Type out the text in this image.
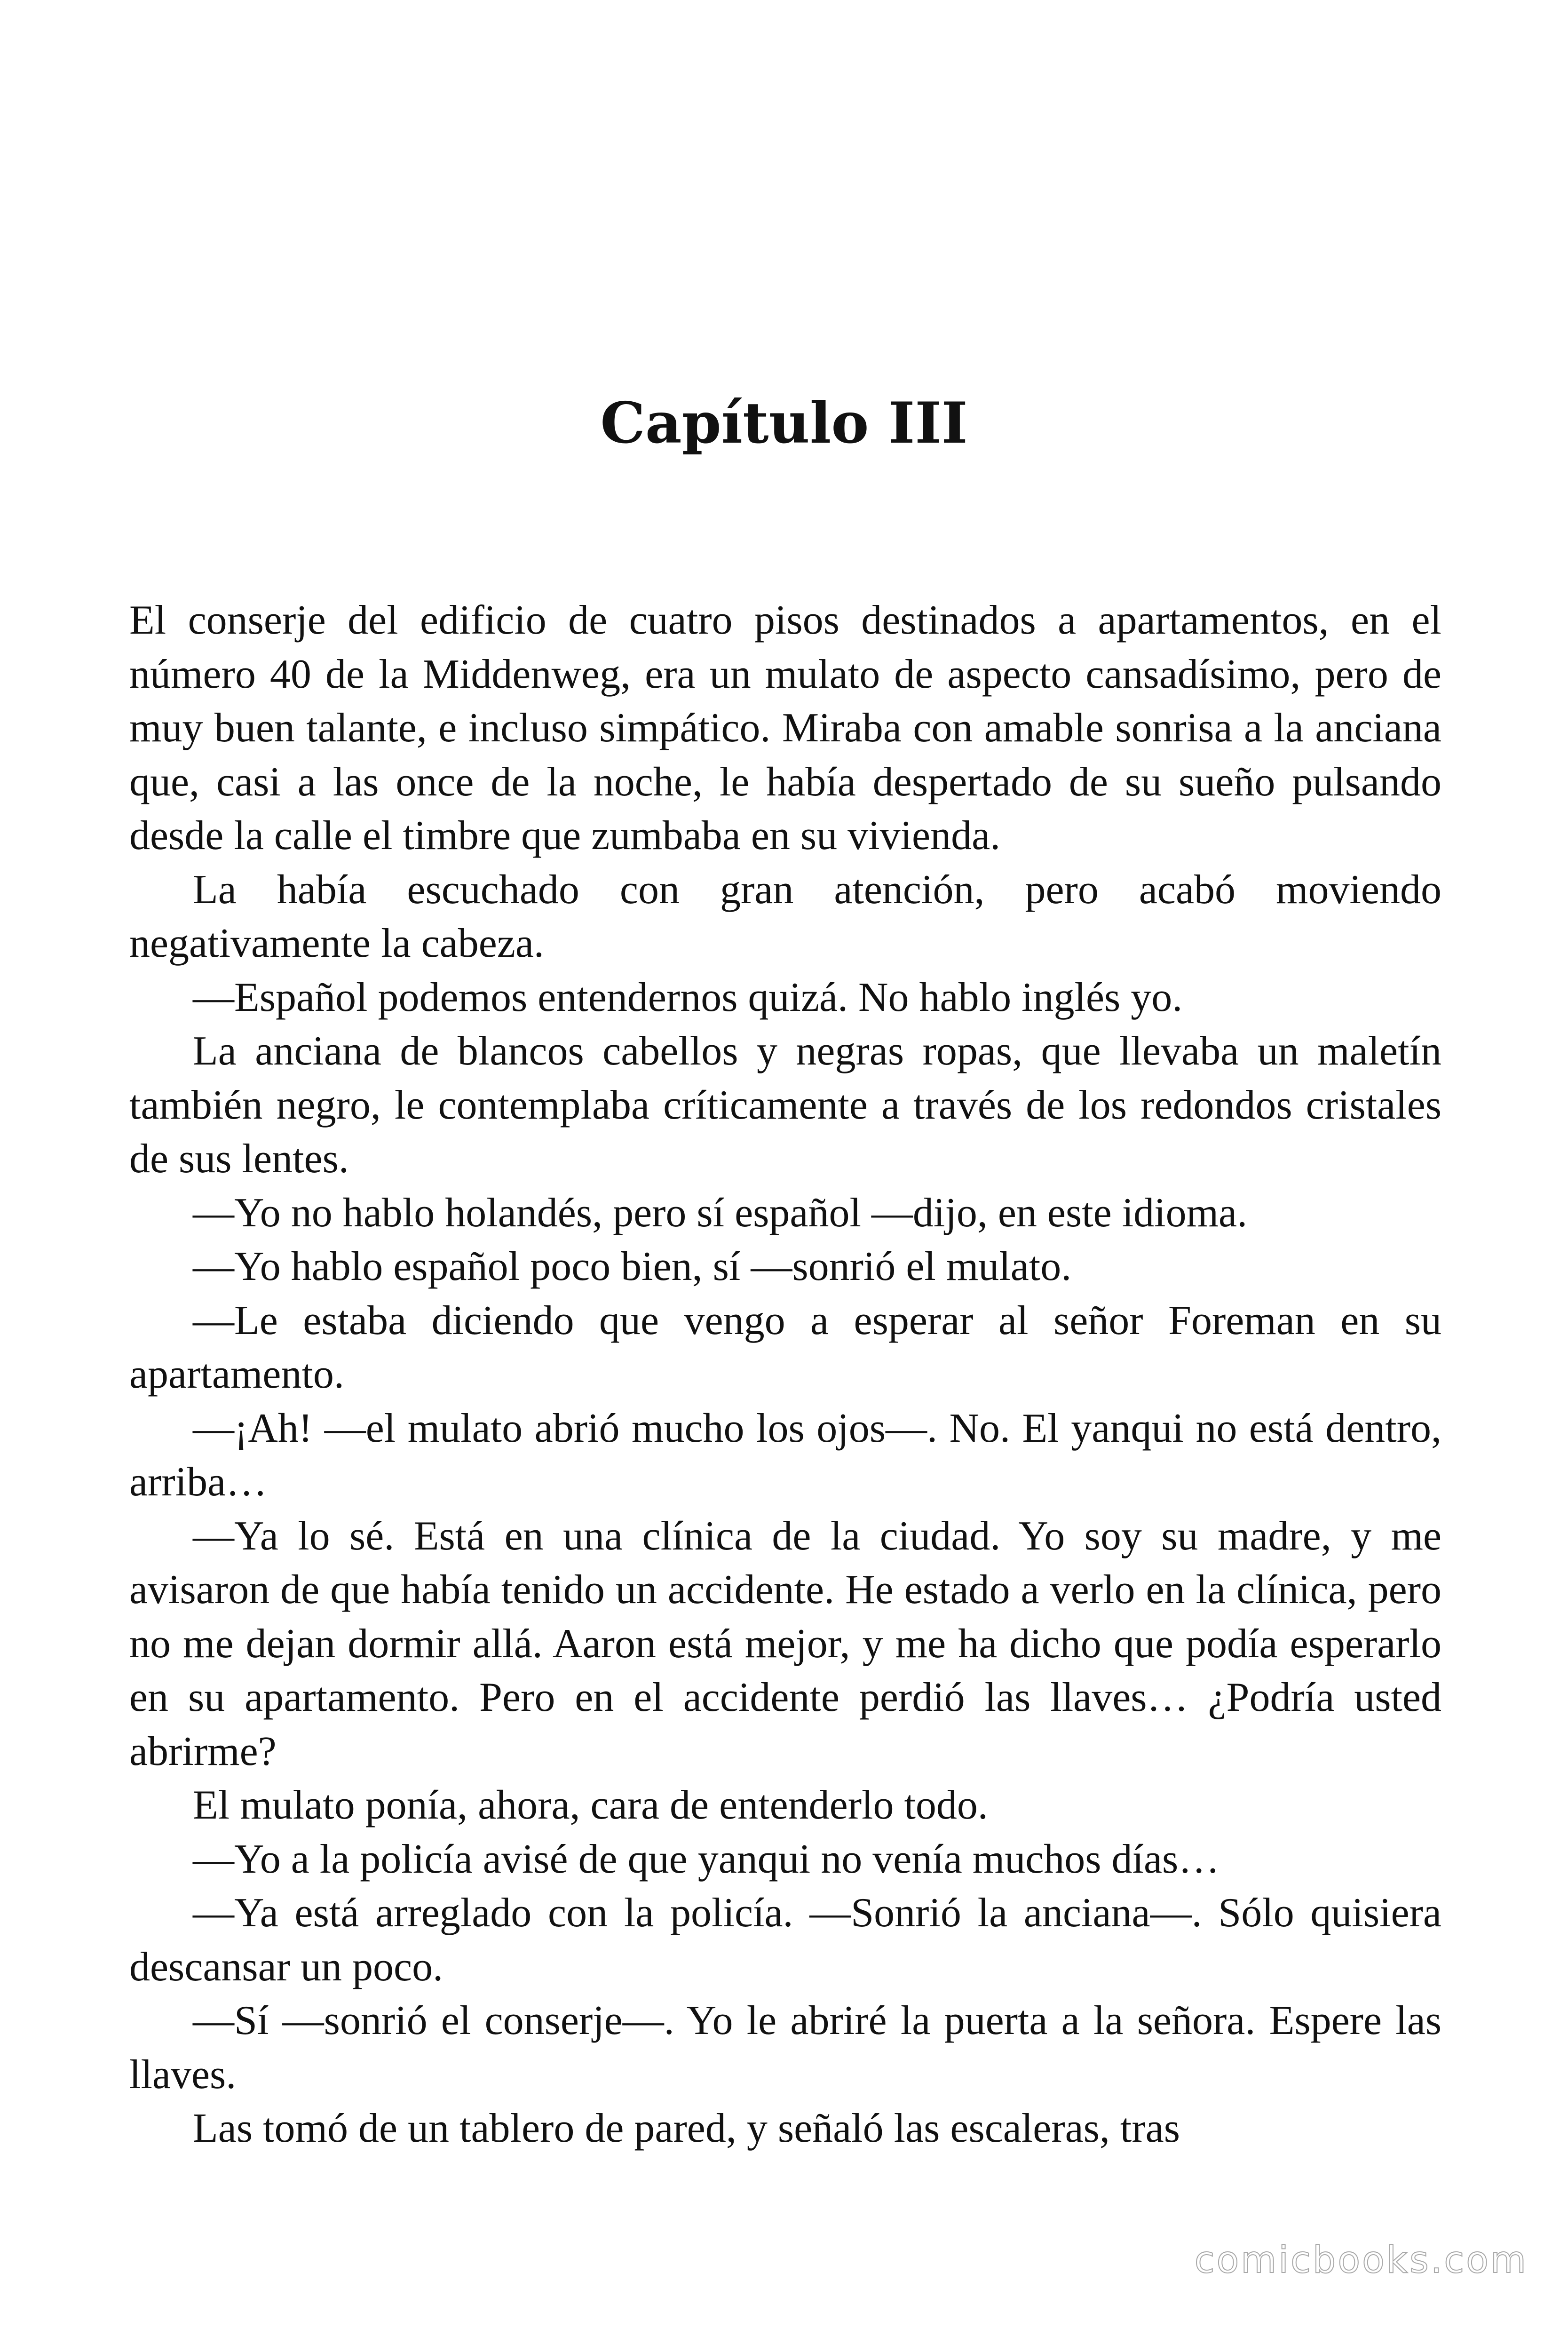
Capítulo III

El conserje del edificio de cuatro pisos destinados a apartamentos, en el número 40 de la Middenweg, era un mulato de aspecto cansadísimo, pero de muy buen talante, e incluso simpático. Miraba con amable sonrisa a la anciana que, casi a las once de la noche, le había despertado de su sueño pulsando desde la calle el timbre que zumbaba en su vivienda.

La había escuchado con gran atención, pero acabó moviendo negativamente la cabeza.

—Español podemos entendernos quizá. No hablo inglés yo.

La anciana de blancos cabellos y negras ropas, que llevaba un maletín también negro, le contemplaba críticamente a través de los redondos cristales de sus lentes.

—Yo no hablo holandés, pero sí español —dijo, en este idioma.

—Yo hablo español poco bien, sí —sonrió el mulato.

—Le estaba diciendo que vengo a esperar al señor Foreman en su apartamento.

—¡Ah! —el mulato abrió mucho los ojos—. No. El yanqui no está dentro, arriba…

—Ya lo sé. Está en una clínica de la ciudad. Yo soy su madre, y me avisaron de que había tenido un accidente. He estado a verlo en la clínica, pero no me dejan dormir allá. Aaron está mejor, y me ha dicho que podía esperarlo en su apartamento. Pero en el accidente perdió las llaves… ¿Podría usted abrirme?

El mulato ponía, ahora, cara de entenderlo todo.

—Yo a la policía avisé de que yanqui no venía muchos días…

—Ya está arreglado con la policía. —Sonrió la anciana—. Sólo quisiera descansar un poco.

—Sí —sonrió el conserje—. Yo le abriré la puerta a la señora. Espere las llaves.

Las tomó de un tablero de pared, y señaló las escaleras, tras

comicbooks.com
